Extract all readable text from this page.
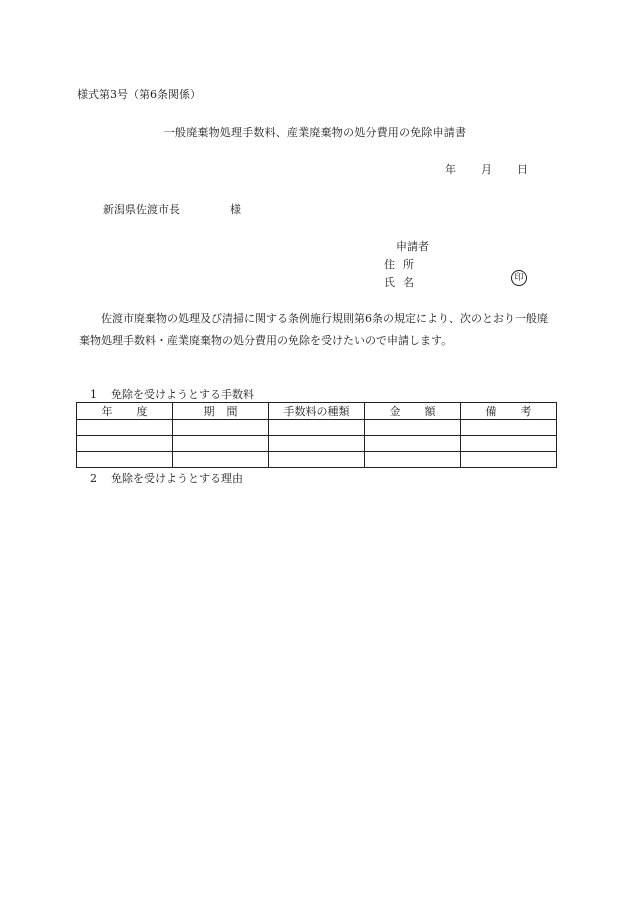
様式第3号（第6条関係）
一般廃棄物処理手数料、産業廃棄物の処分費用の免除申請書
年 月 日
新潟県佐渡市長	様
申請者
住所
氏名	印
佐渡市廃棄物の処理及び清掃に関する条例施行規則第6条の規定により、次のとおり一般廃棄物処理手数料・産業廃棄物の処分費用の免除を受けたいので申請します。
1 免除を受けようとする手数料
年度	期間	手数料の種類	金額	備考

2 免除を受けようとする理由
